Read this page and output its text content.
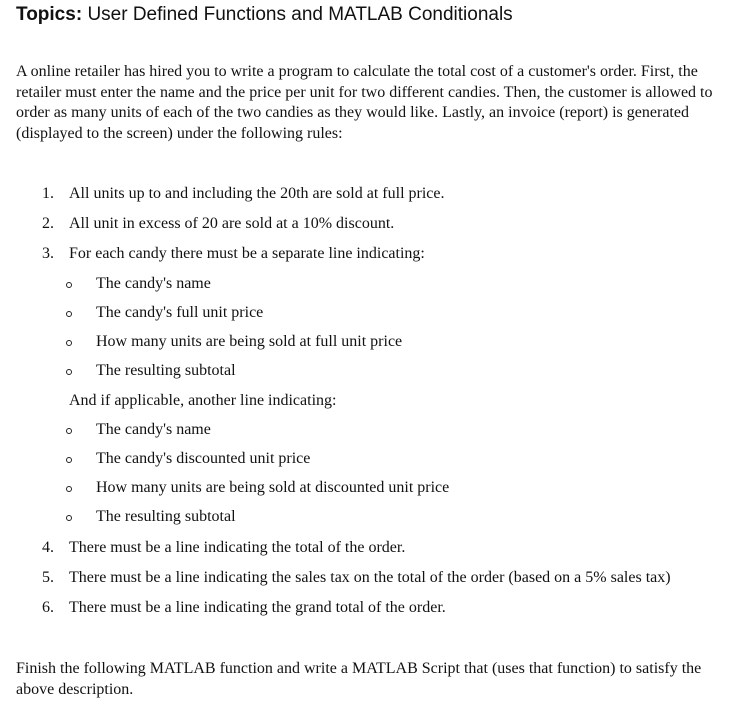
Topics: User Defined Functions and MATLAB Conditionals

A online retailer has hired you to write a program to calculate the total cost of a customer's order. First, the retailer must enter the name and the price per unit for two different candies. Then, the customer is allowed to order as many units of each of the two candies as they would like. Lastly, an invoice (report) is generated (displayed to the screen) under the following rules:

1. All units up to and including the 20th are sold at full price.
2. All unit in excess of 20 are sold at a 10% discount.
3. For each candy there must be a separate line indicating:
The candy's name
The candy's full unit price
How many units are being sold at full unit price
The resulting subtotal
And if applicable, another line indicating:
The candy's name
The candy's discounted unit price
How many units are being sold at discounted unit price
The resulting subtotal
4. There must be a line indicating the total of the order.
5. There must be a line indicating the sales tax on the total of the order (based on a 5% sales tax)
6. There must be a line indicating the grand total of the order.

Finish the following MATLAB function and write a MATLAB Script that (uses that function) to satisfy the above description.
